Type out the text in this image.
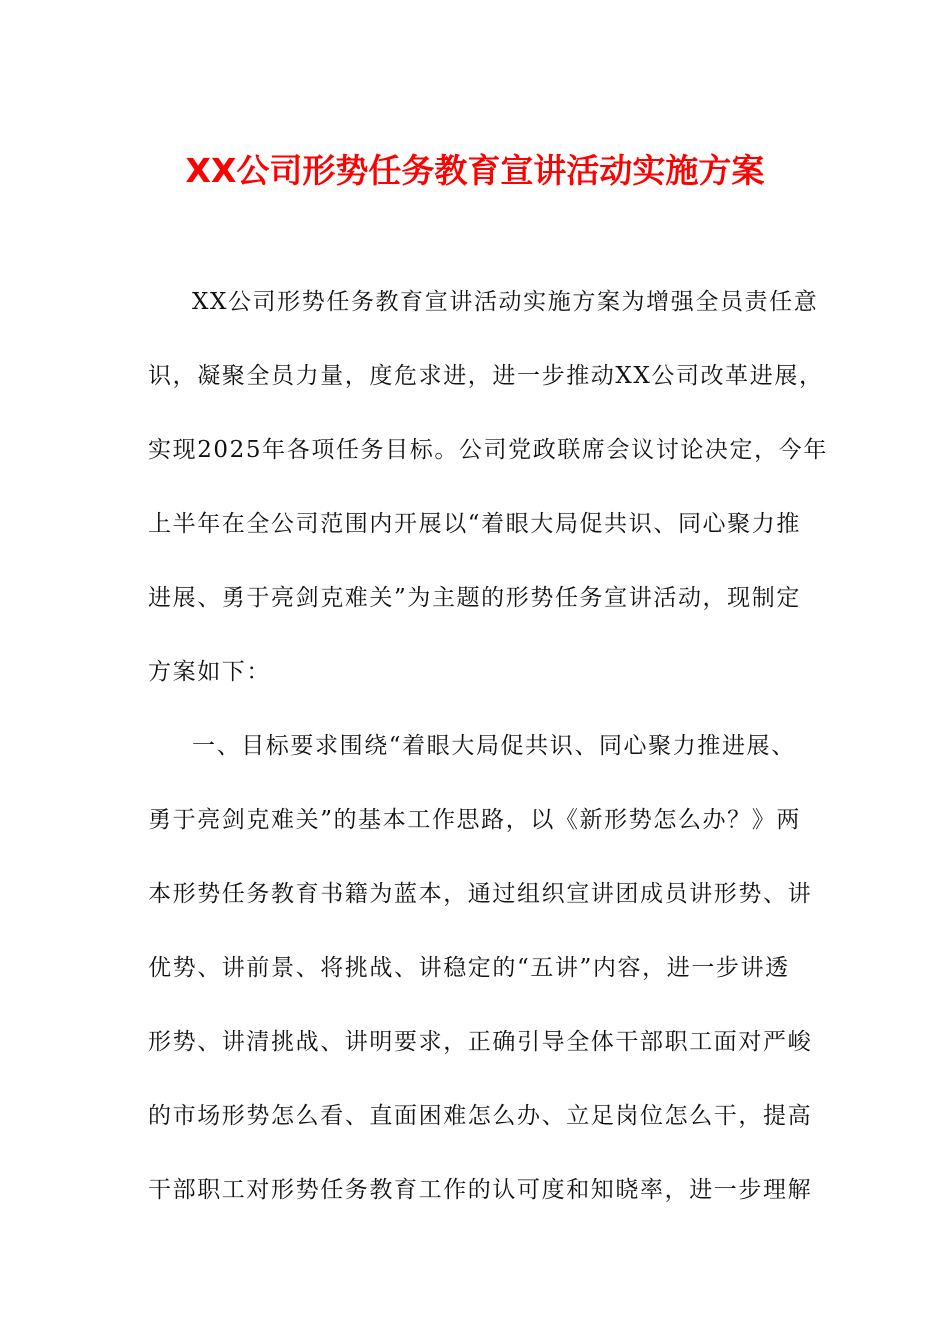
XX公司形势任务教育宣讲活动实施方案
XX公司形势任务教育宣讲活动实施方案为增强全员责任意
识，凝聚全员力量，度危求进，进一步推动XX公司改革进展，
实现2025年各项任务目标。公司党政联席会议讨论决定，今年
上半年在全公司范围内开展以“着眼大局促共识、同心聚力推
进展、勇于亮剑克难关”为主题的形势任务宣讲活动，现制定
方案如下：
一、目标要求围绕“着眼大局促共识、同心聚力推进展、
勇于亮剑克难关”的基本工作思路，以《新形势怎么办？》两
本形势任务教育书籍为蓝本，通过组织宣讲团成员讲形势、讲
优势、讲前景、将挑战、讲稳定的“五讲”内容，进一步讲透
形势、讲清挑战、讲明要求，正确引导全体干部职工面对严峻
的市场形势怎么看、直面困难怎么办、立足岗位怎么干，提高
干部职工对形势任务教育工作的认可度和知晓率，进一步理解
